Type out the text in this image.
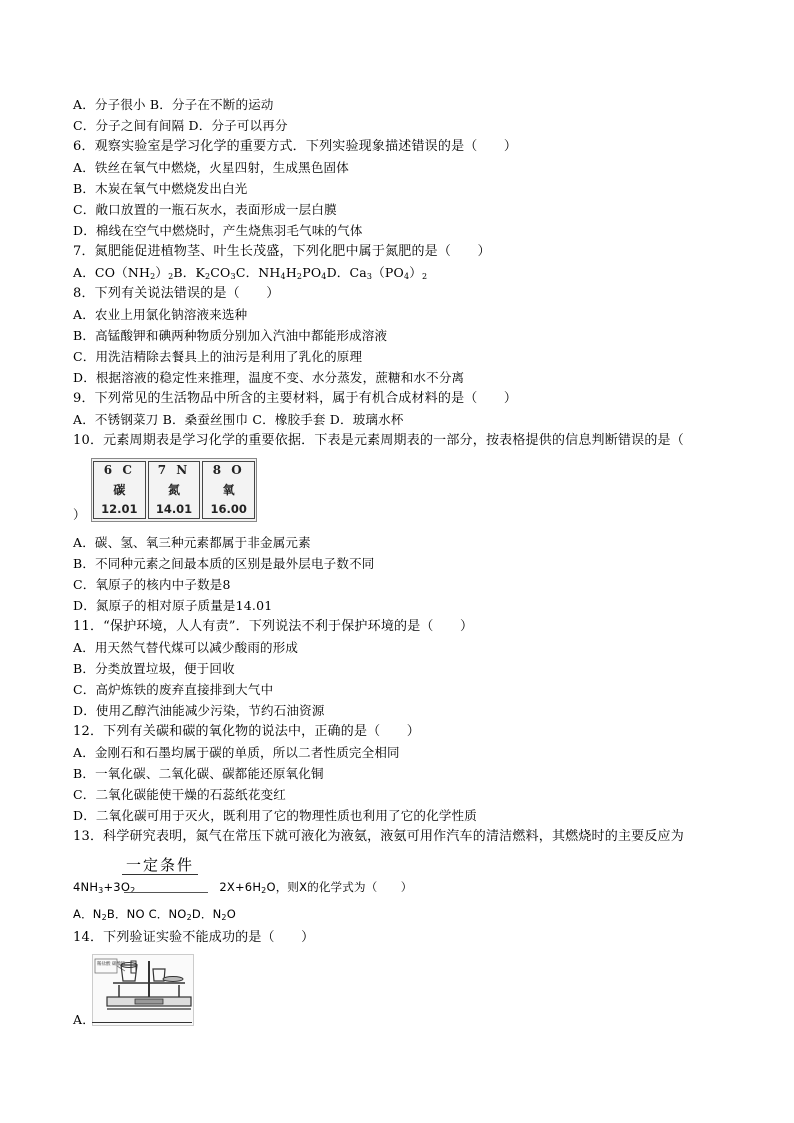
A．分子很小 B．分子在不断的运动
C．分子之间有间隔 D．分子可以再分
6．观察实验室是学习化学的重要方式．下列实验现象描述错误的是（　　）
A．铁丝在氧气中燃烧，火星四射，生成黑色固体
B．木炭在氧气中燃烧发出白光
C．敞口放置的一瓶石灰水，表面形成一层白膜
D．棉线在空气中燃烧时，产生烧焦羽毛气味的气体
7．氮肥能促进植物茎、叶生长茂盛，下列化肥中属于氮肥的是（　　）
A．$CO(NH_2)_2B$．$K_2CO_3C$．$NH_4H_2PO_4D$．$Ca_3(PO_4)_2$
8．下列有关说法错误的是（　　）
A．农业上用氯化钠溶液来选种
B．高锰酸钾和碘两种物质分别加入汽油中都能形成溶液
C．用洗洁精除去餐具上的油污是利用了乳化的原理
D．根据溶液的稳定性来推理，温度不变、水分蒸发，蔗糖和水不分离
9．下列常见的生活物品中所含的主要材料，属于有机合成材料的是（　　）
A．不锈钢菜刀 B．桑蚕丝围巾 C．橡胶手套 D．玻璃水杯
10．元素周期表是学习化学的重要依据．下表是元素周期表的一部分，按表格提供的信息判断错误的是（
6 C
碳
12.01
7 N
氮
14.01
8 O
氧
16.00
）
A．碳、氢、氧三种元素都属于非金属元素
B．不同种元素之间最本质的区别是最外层电子数不同
C．氧原子的核内中子数是8
D．氮原子的相对原子质量是14.01
11．“保护环境，人人有责”．下列说法不利于保护环境的是（　　）
A．用天然气替代煤可以减少酸雨的形成
B．分类放置垃圾，便于回收
C．高炉炼铁的废弃直接排到大气中
D．使用乙醇汽油能减少污染，节约石油资源
12．下列有关碳和碳的氧化物的说法中，正确的是（　　）
A．金刚石和石墨均属于碳的单质，所以二者性质完全相同
B．一氧化碳、二氧化碳、碳都能还原氧化铜
C．二氧化碳能使干燥的石蕊纸花变红
D．二氧化碳可用于灭火，既利用了它的物理性质也利用了它的化学性质
13．科学研究表明，氮气在常压下就可液化为液氨，液氨可用作汽车的清洁燃料，其燃烧时的主要反应为
一定条件
$4NH_3+3O_2$	$2X+6H_2O$，则X的化学式为（　　）
A．$N_2B$．NO C．$NO_2D$．$N_2O$
14．下列验证实验不能成功的是（　　）
稀盐酸 碳酸钠
A．
